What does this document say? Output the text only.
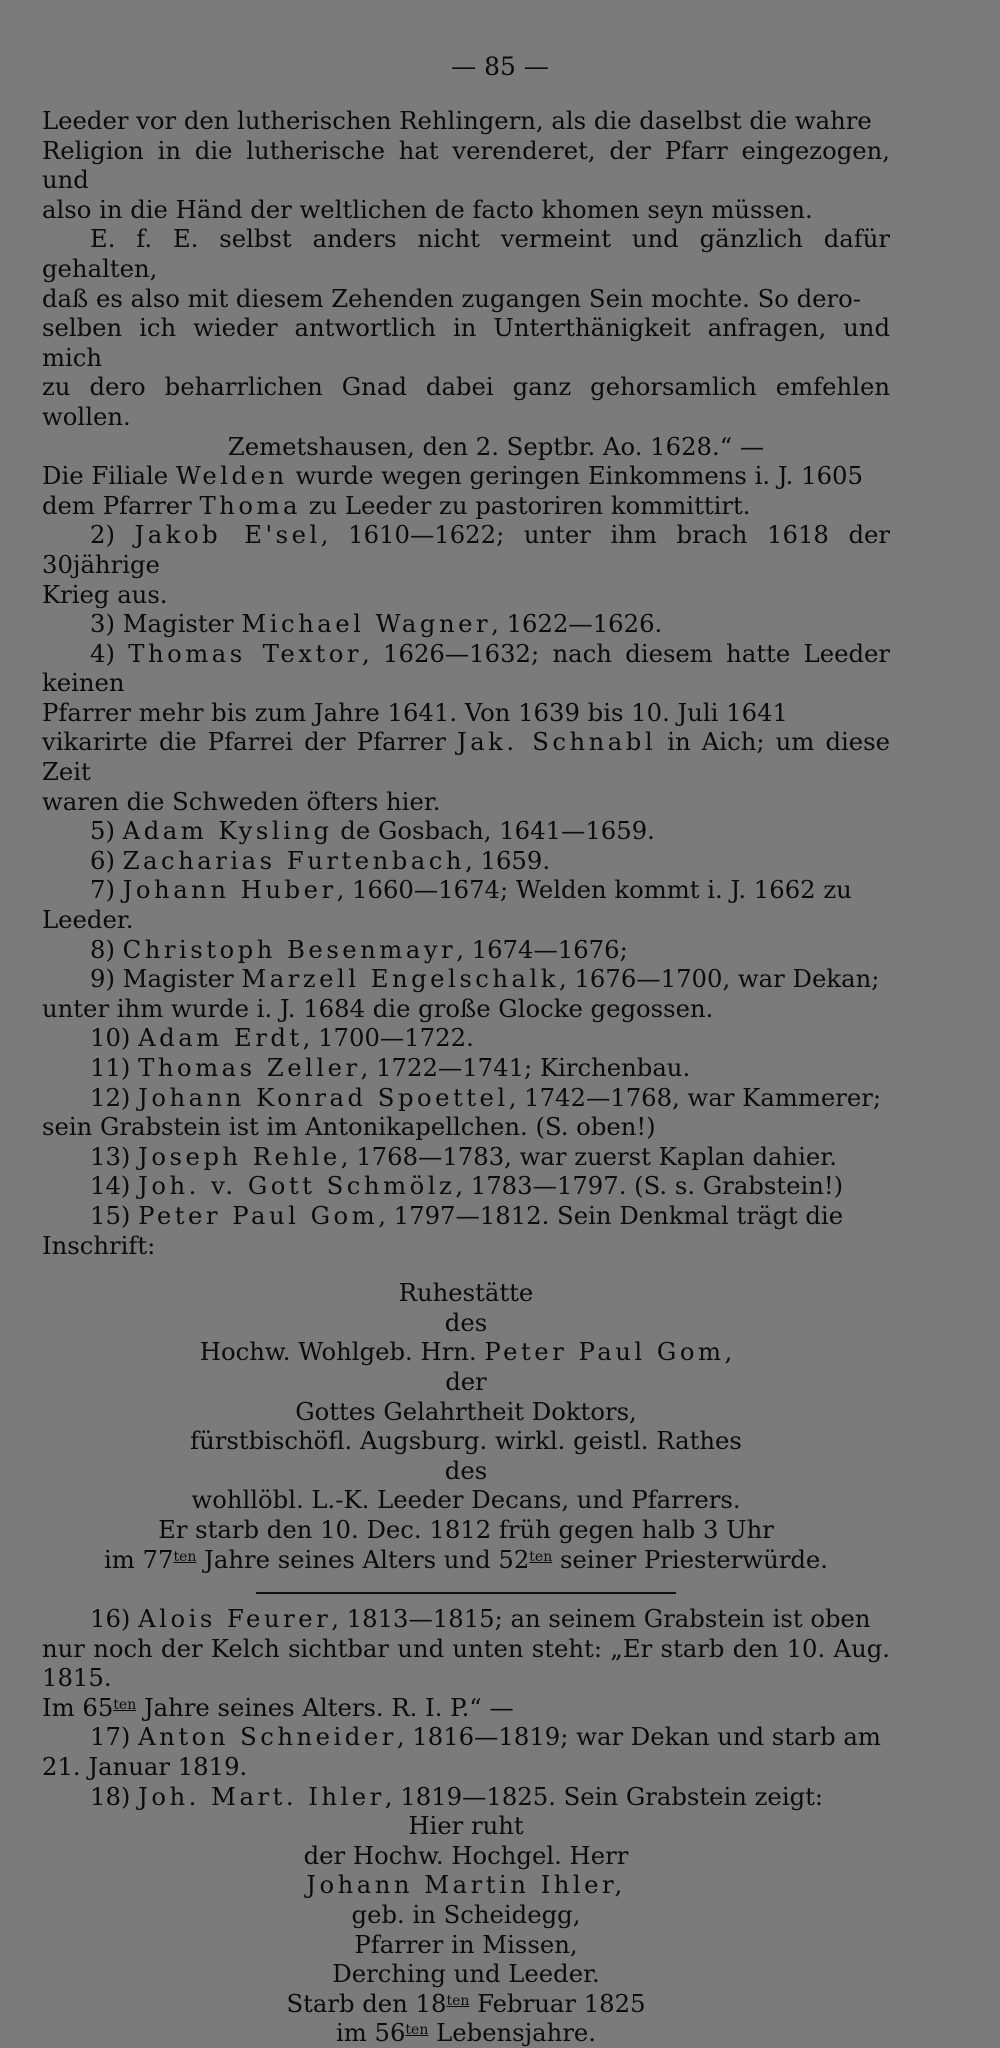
— 85 —

Leeder vor den lutherischen Rehlingern, als die daselbst die wahre

Religion in die lutherische hat verenderet, der Pfarr eingezogen, und

also in die Händ der weltlichen de facto khomen seyn müssen.

E. f. E. selbst anders nicht vermeint und gänzlich dafür gehalten,

daß es also mit diesem Zehenden zugangen Sein mochte. So dero-

selben ich wieder antwortlich in Unterthänigkeit anfragen, und mich

zu dero beharrlichen Gnad dabei ganz gehorsamlich emfehlen wollen.

Zemetshausen, den 2. Septbr. Ao. 1628.“ —

Die Filiale Welden wurde wegen geringen Einkommens i. J. 1605

dem Pfarrer Thoma zu Leeder zu pastoriren kommittirt.

2) Jakob E'sel, 1610—1622; unter ihm brach 1618 der 30jährige

Krieg aus.

3) Magister Michael Wagner, 1622—1626.

4) Thomas Textor, 1626—1632; nach diesem hatte Leeder keinen

Pfarrer mehr bis zum Jahre 1641. Von 1639 bis 10. Juli 1641

vikarirte die Pfarrei der Pfarrer Jak. Schnabl in Aich; um diese Zeit

waren die Schweden öfters hier.

5) Adam Kysling de Gosbach, 1641—1659.

6) Zacharias Furtenbach, 1659.

7) Johann Huber, 1660—1674; Welden kommt i. J. 1662 zu

Leeder.

8) Christoph Besenmayr, 1674—1676;

9) Magister Marzell Engelschalk, 1676—1700, war Dekan;

unter ihm wurde i. J. 1684 die große Glocke gegossen.

10) Adam Erdt, 1700—1722.

11) Thomas Zeller, 1722—1741; Kirchenbau.

12) Johann Konrad Spoettel, 1742—1768, war Kammerer;

sein Grabstein ist im Antonikapellchen. (S. oben!)

13) Joseph Rehle, 1768—1783, war zuerst Kaplan dahier.

14) Joh. v. Gott Schmölz, 1783—1797. (S. s. Grabstein!)

15) Peter Paul Gom, 1797—1812. Sein Denkmal trägt die

Inschrift:

Ruhestätte
des
Hochw. Wohlgeb. Hrn. Peter Paul Gom,
der
Gottes Gelahrtheit Doktors,
fürstbischöfl. Augsburg. wirkl. geistl. Rathes
des
wohllöbl. L.-K. Leeder Decans, und Pfarrers.
Er starb den 10. Dec. 1812 früh gegen halb 3 Uhr
im $77^{ten}$ Jahre seines Alters und $52^{ten}$ seiner Priesterwürde.

16) Alois Feurer, 1813—1815; an seinem Grabstein ist oben

nur noch der Kelch sichtbar und unten steht: „Er starb den 10. Aug. 1815.

Im $65^{ten}$ Jahre seines Alters. R. I. P.“ —

17) Anton Schneider, 1816—1819; war Dekan und starb am

21. Januar 1819.

18) Joh. Mart. Ihler, 1819—1825. Sein Grabstein zeigt:

Hier ruht
der Hochw. Hochgel. Herr
Johann Martin Ihler,
geb. in Scheidegg,
Pfarrer in Missen,
Derching und Leeder.
Starb den $18^{ten}$ Februar 1825
im $56^{ten}$ Lebensjahre.
